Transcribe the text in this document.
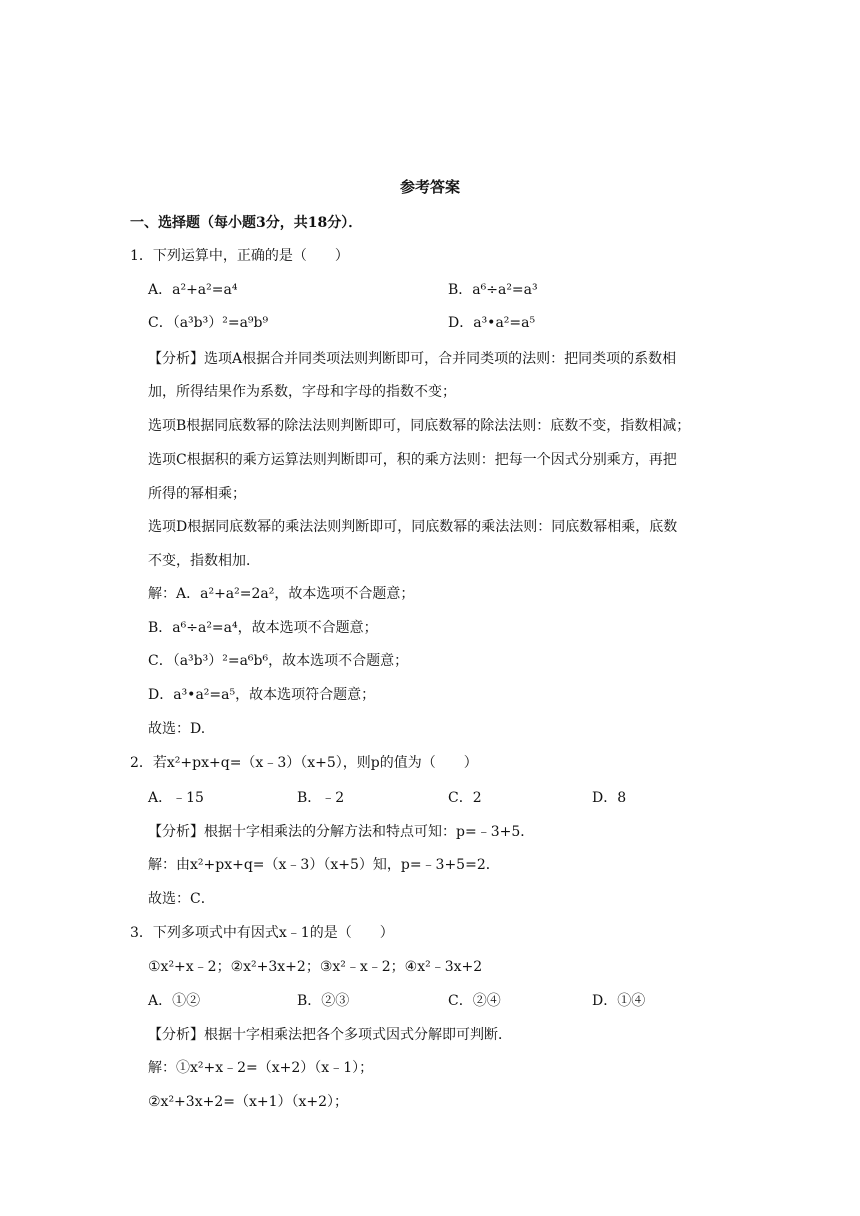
参考答案
一、选择题（每小题3分，共18分）．
1．下列运算中，正确的是（　　）
A．a²+a²=a⁴	B．a⁶÷a²=a³
C．（a³b³）²=a⁹b⁹	D．a³•a²=a⁵
【分析】选项A根据合并同类项法则判断即可，合并同类项的法则：把同类项的系数相
加，所得结果作为系数，字母和字母的指数不变；
选项B根据同底数幂的除法法则判断即可，同底数幂的除法法则：底数不变，指数相减；
选项C根据积的乘方运算法则判断即可，积的乘方法则：把每一个因式分别乘方，再把
所得的幂相乘；
选项D根据同底数幂的乘法法则判断即可，同底数幂的乘法法则：同底数幂相乘，底数
不变，指数相加．
解：A．a²+a²=2a²，故本选项不合题意；
B．a⁶÷a²=a⁴，故本选项不合题意；
C．（a³b³）²=a⁶b⁶，故本选项不合题意；
D．a³•a²=a⁵，故本选项符合题意；
故选：D.
2．若x²+px+q=（x﹣3）（x+5），则p的值为（　　）
A．﹣15	B．﹣2	C．2	D．8
【分析】根据十字相乘法的分解方法和特点可知：p=﹣3+5．
解：由x²+px+q=（x﹣3）（x+5）知，p=﹣3+5=2．
故选：C．
3．下列多项式中有因式x﹣1的是（　　）
①x²+x﹣2；②x²+3x+2；③x²﹣x﹣2；④x²﹣3x+2
A．①②	B．②③	C．②④	D．①④
【分析】根据十字相乘法把各个多项式因式分解即可判断．
解：①x²+x﹣2=（x+2）（x﹣1）；
②x²+3x+2=（x+1）（x+2）；
